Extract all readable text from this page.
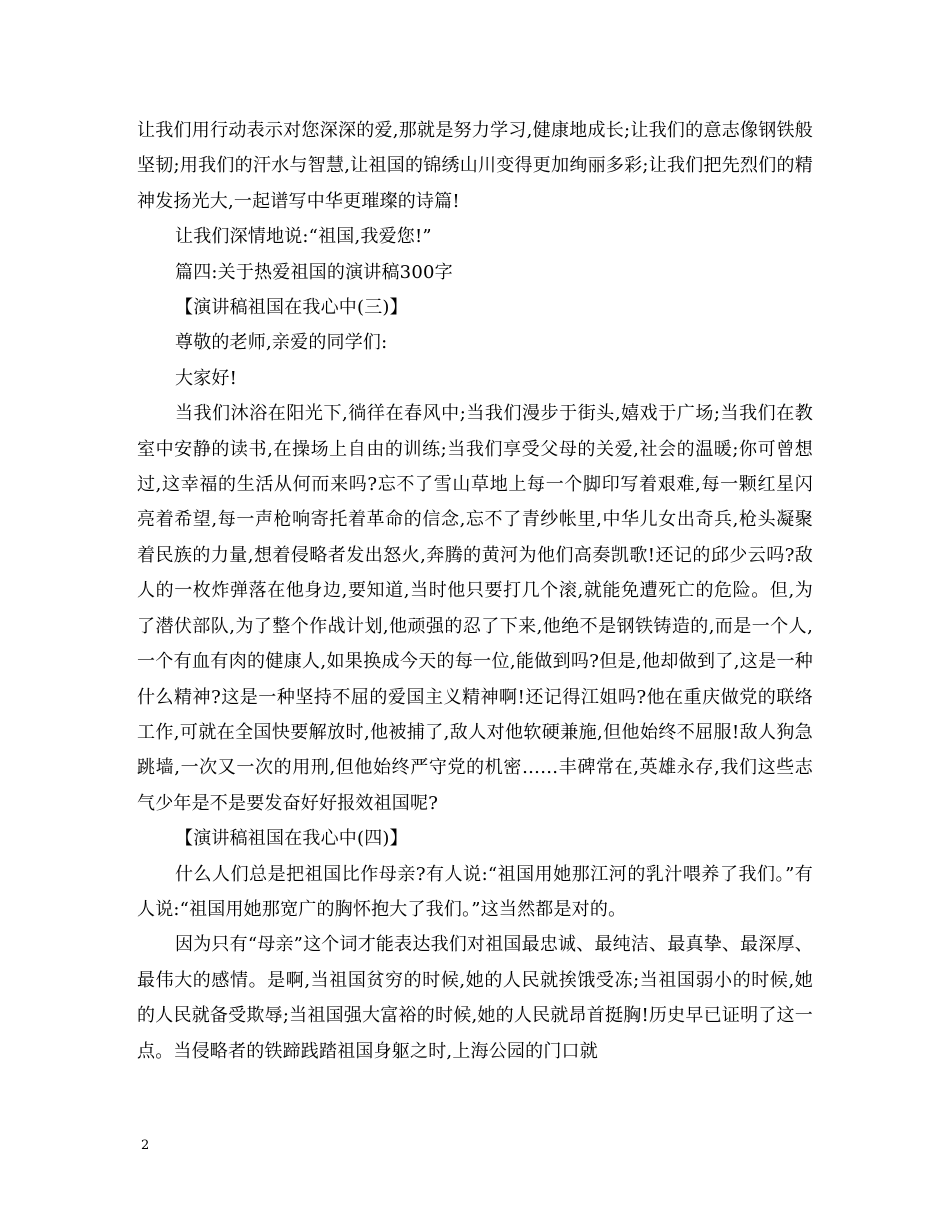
让我们用行动表示对您深深的爱,那就是努力学习,健康地成长;让我们的意志像钢铁般坚韧;用我们的汗水与智慧,让祖国的锦绣山川变得更加绚丽多彩;让我们把先烈们的精神发扬光大,一起谱写中华更璀璨的诗篇!

让我们深情地说:“祖国,我爱您!”

篇四:关于热爱祖国的演讲稿300字

【演讲稿祖国在我心中(三)】

尊敬的老师,亲爱的同学们:

大家好!

当我们沐浴在阳光下,徜徉在春风中;当我们漫步于街头,嬉戏于广场;当我们在教室中安静的读书,在操场上自由的训练;当我们享受父母的关爱,社会的温暖;你可曾想过,这幸福的生活从何而来吗?忘不了雪山草地上每一个脚印写着艰难,每一颗红星闪亮着希望,每一声枪响寄托着革命的信念,忘不了青纱帐里,中华儿女出奇兵,枪头凝聚着民族的力量,想着侵略者发出怒火,奔腾的黄河为他们高奏凯歌!还记的邱少云吗?敌人的一枚炸弹落在他身边,要知道,当时他只要打几个滚,就能免遭死亡的危险。但,为了潜伏部队,为了整个作战计划,他顽强的忍了下来,他绝不是钢铁铸造的,而是一个人,一个有血有肉的健康人,如果换成今天的每一位,能做到吗?但是,他却做到了,这是一种什么精神?这是一种坚持不屈的爱国主义精神啊!还记得江姐吗?他在重庆做党的联络工作,可就在全国快要解放时,他被捕了,敌人对他软硬兼施,但他始终不屈服!敌人狗急跳墙,一次又一次的用刑,但他始终严守党的机密……丰碑常在,英雄永存,我们这些志气少年是不是要发奋好好报效祖国呢?

【演讲稿祖国在我心中(四)】

什么人们总是把祖国比作母亲?有人说:“祖国用她那江河的乳汁喂养了我们。”有人说:“祖国用她那宽广的胸怀抱大了我们。”这当然都是对的。

因为只有“母亲”这个词才能表达我们对祖国最忠诚、最纯洁、最真挚、最深厚、最伟大的感情。是啊,当祖国贫穷的时候,她的人民就挨饿受冻;当祖国弱小的时候,她的人民就备受欺辱;当祖国强大富裕的时候,她的人民就昂首挺胸!历史早已证明了这一点。当侵略者的铁蹄践踏祖国身躯之时,上海公园的门口就

2
